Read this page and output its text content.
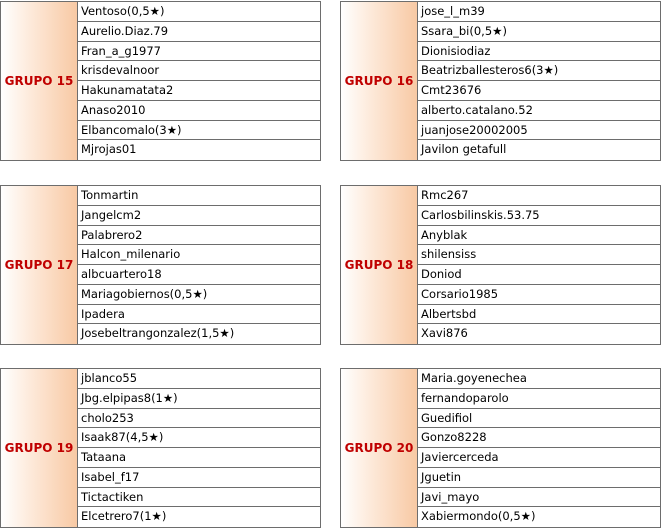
GRUPO 15
Ventoso(0,5★)
Aurelio.Diaz.79
Fran_a_g1977
krisdevalnoor
Hakunamatata2
Anaso2010
Elbancomalo(3★)
Mjrojas01
GRUPO 16
jose_l_m39
Ssara_bi(0,5★)
Dionisiodiaz
Beatrizballesteros6(3★)
Cmt23676
alberto.catalano.52
juanjose20002005
Javilon getafull
GRUPO 17
Tonmartin
Jangelcm2
Palabrero2
Halcon_milenario
albcuartero18
Mariagobiernos(0,5★)
Ipadera
Josebeltrangonzalez(1,5★)
GRUPO 18
Rmc267
Carlosbilinskis.53.75
Anyblak
shilensiss
Doniod
Corsario1985
Albertsbd
Xavi876
GRUPO 19
jblanco55
Jbg.elpipas8(1★)
cholo253
Isaak87(4,5★)
Tataana
Isabel_f17
Tictactiken
Elcetrero7(1★)
GRUPO 20
Maria.goyenechea
fernandoparolo
Guedifiol
Gonzo8228
Javiercerceda
Jguetin
Javi_mayo
Xabiermondo(0,5★)
